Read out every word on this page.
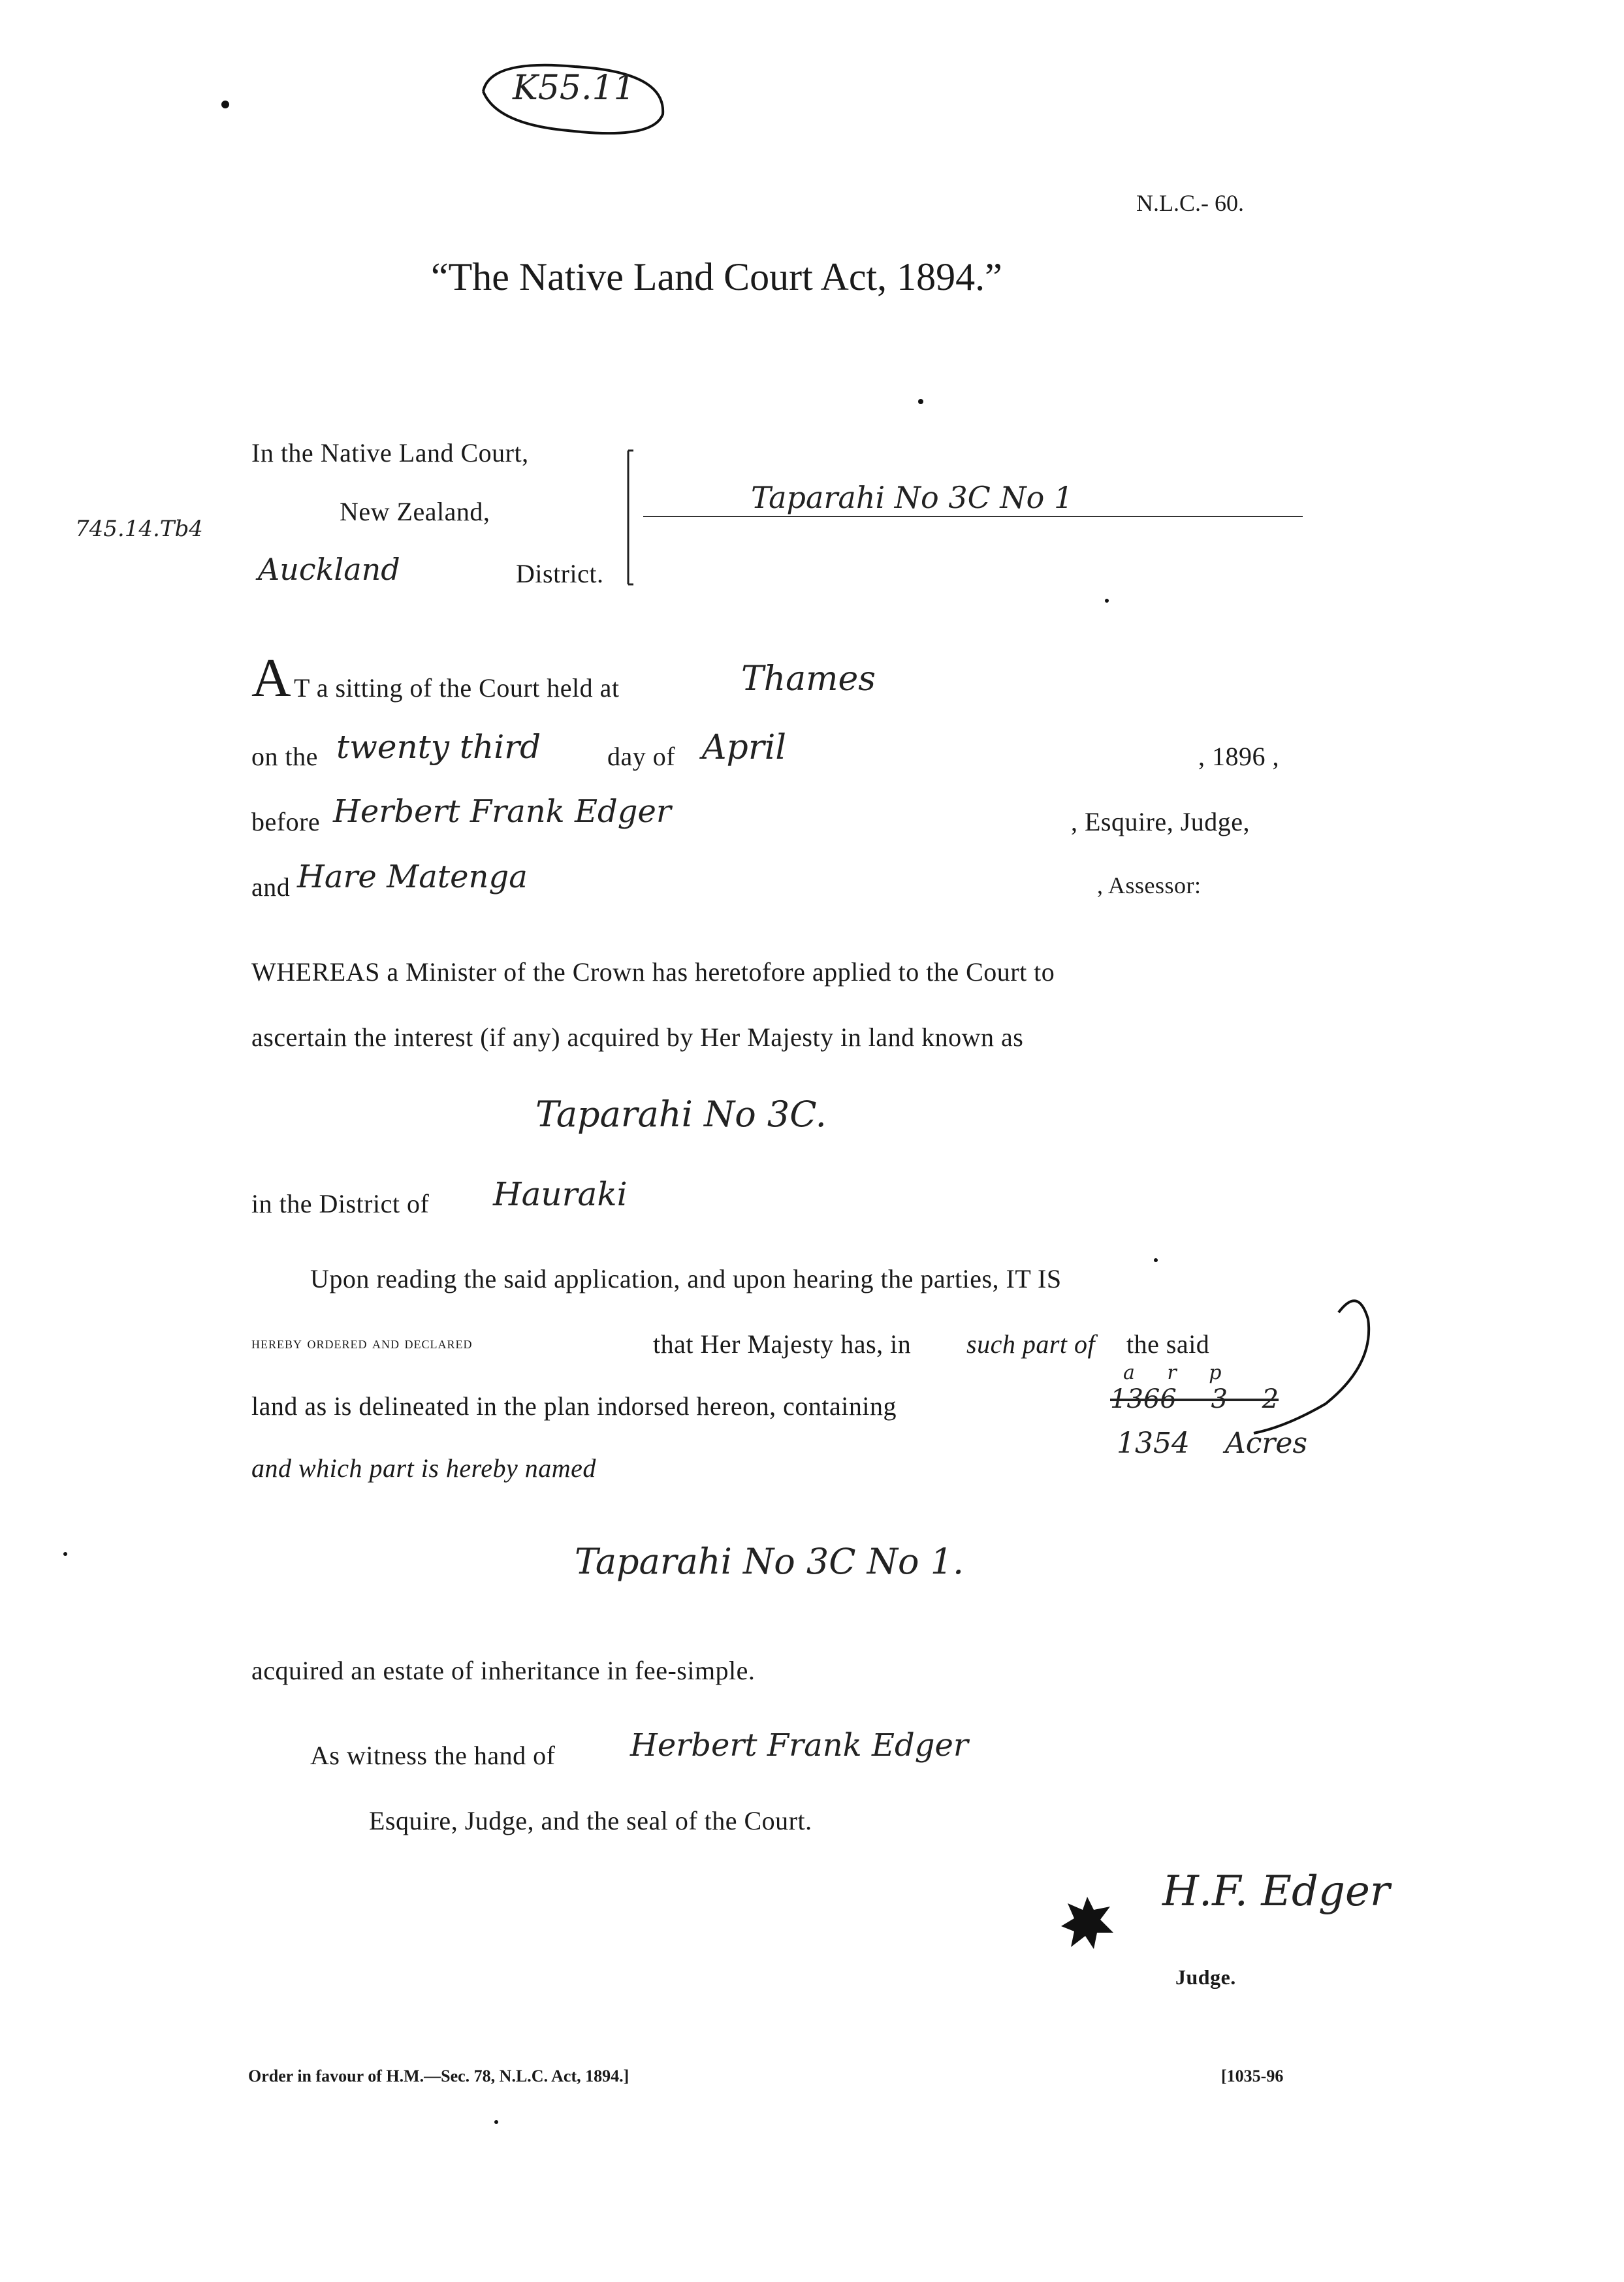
K55.11
N.L.C.- 60.
“The Native Land Court Act, 1894.”
In the Native Land Court,
New Zealand,
Auckland	District.
Taparahi No 3C No 1
745.14.Tb4
A T a sitting of the Court held at	Thames
on the twenty third	day of April	, 1896 ,
before Herbert Frank Edger	, Esquire, Judge,
and Hare Matenga	, Assessor:
WHEREAS a Minister of the Crown has heretofore applied to the Court to
ascertain the interest (if any) acquired by Her Majesty in land known as
Taparahi No 3C.
in the District of Hauraki
Upon reading the said application, and upon hearing the parties, IT IS
hereby ordered and declared	that Her Majesty has, in such part of the said
land as is delineated in the plan indorsed hereon, containing
a r p
1366 3 2
1354 Acres
and which part is hereby named
Taparahi No 3C No 1.
acquired an estate of inheritance in fee-simple.
As witness the hand of Herbert Frank Edger
Esquire, Judge, and the seal of the Court.
H.F. Edger
Judge.
Order in favour of H.M.—Sec. 78, N.L.C. Act, 1894.]	[1035-96
